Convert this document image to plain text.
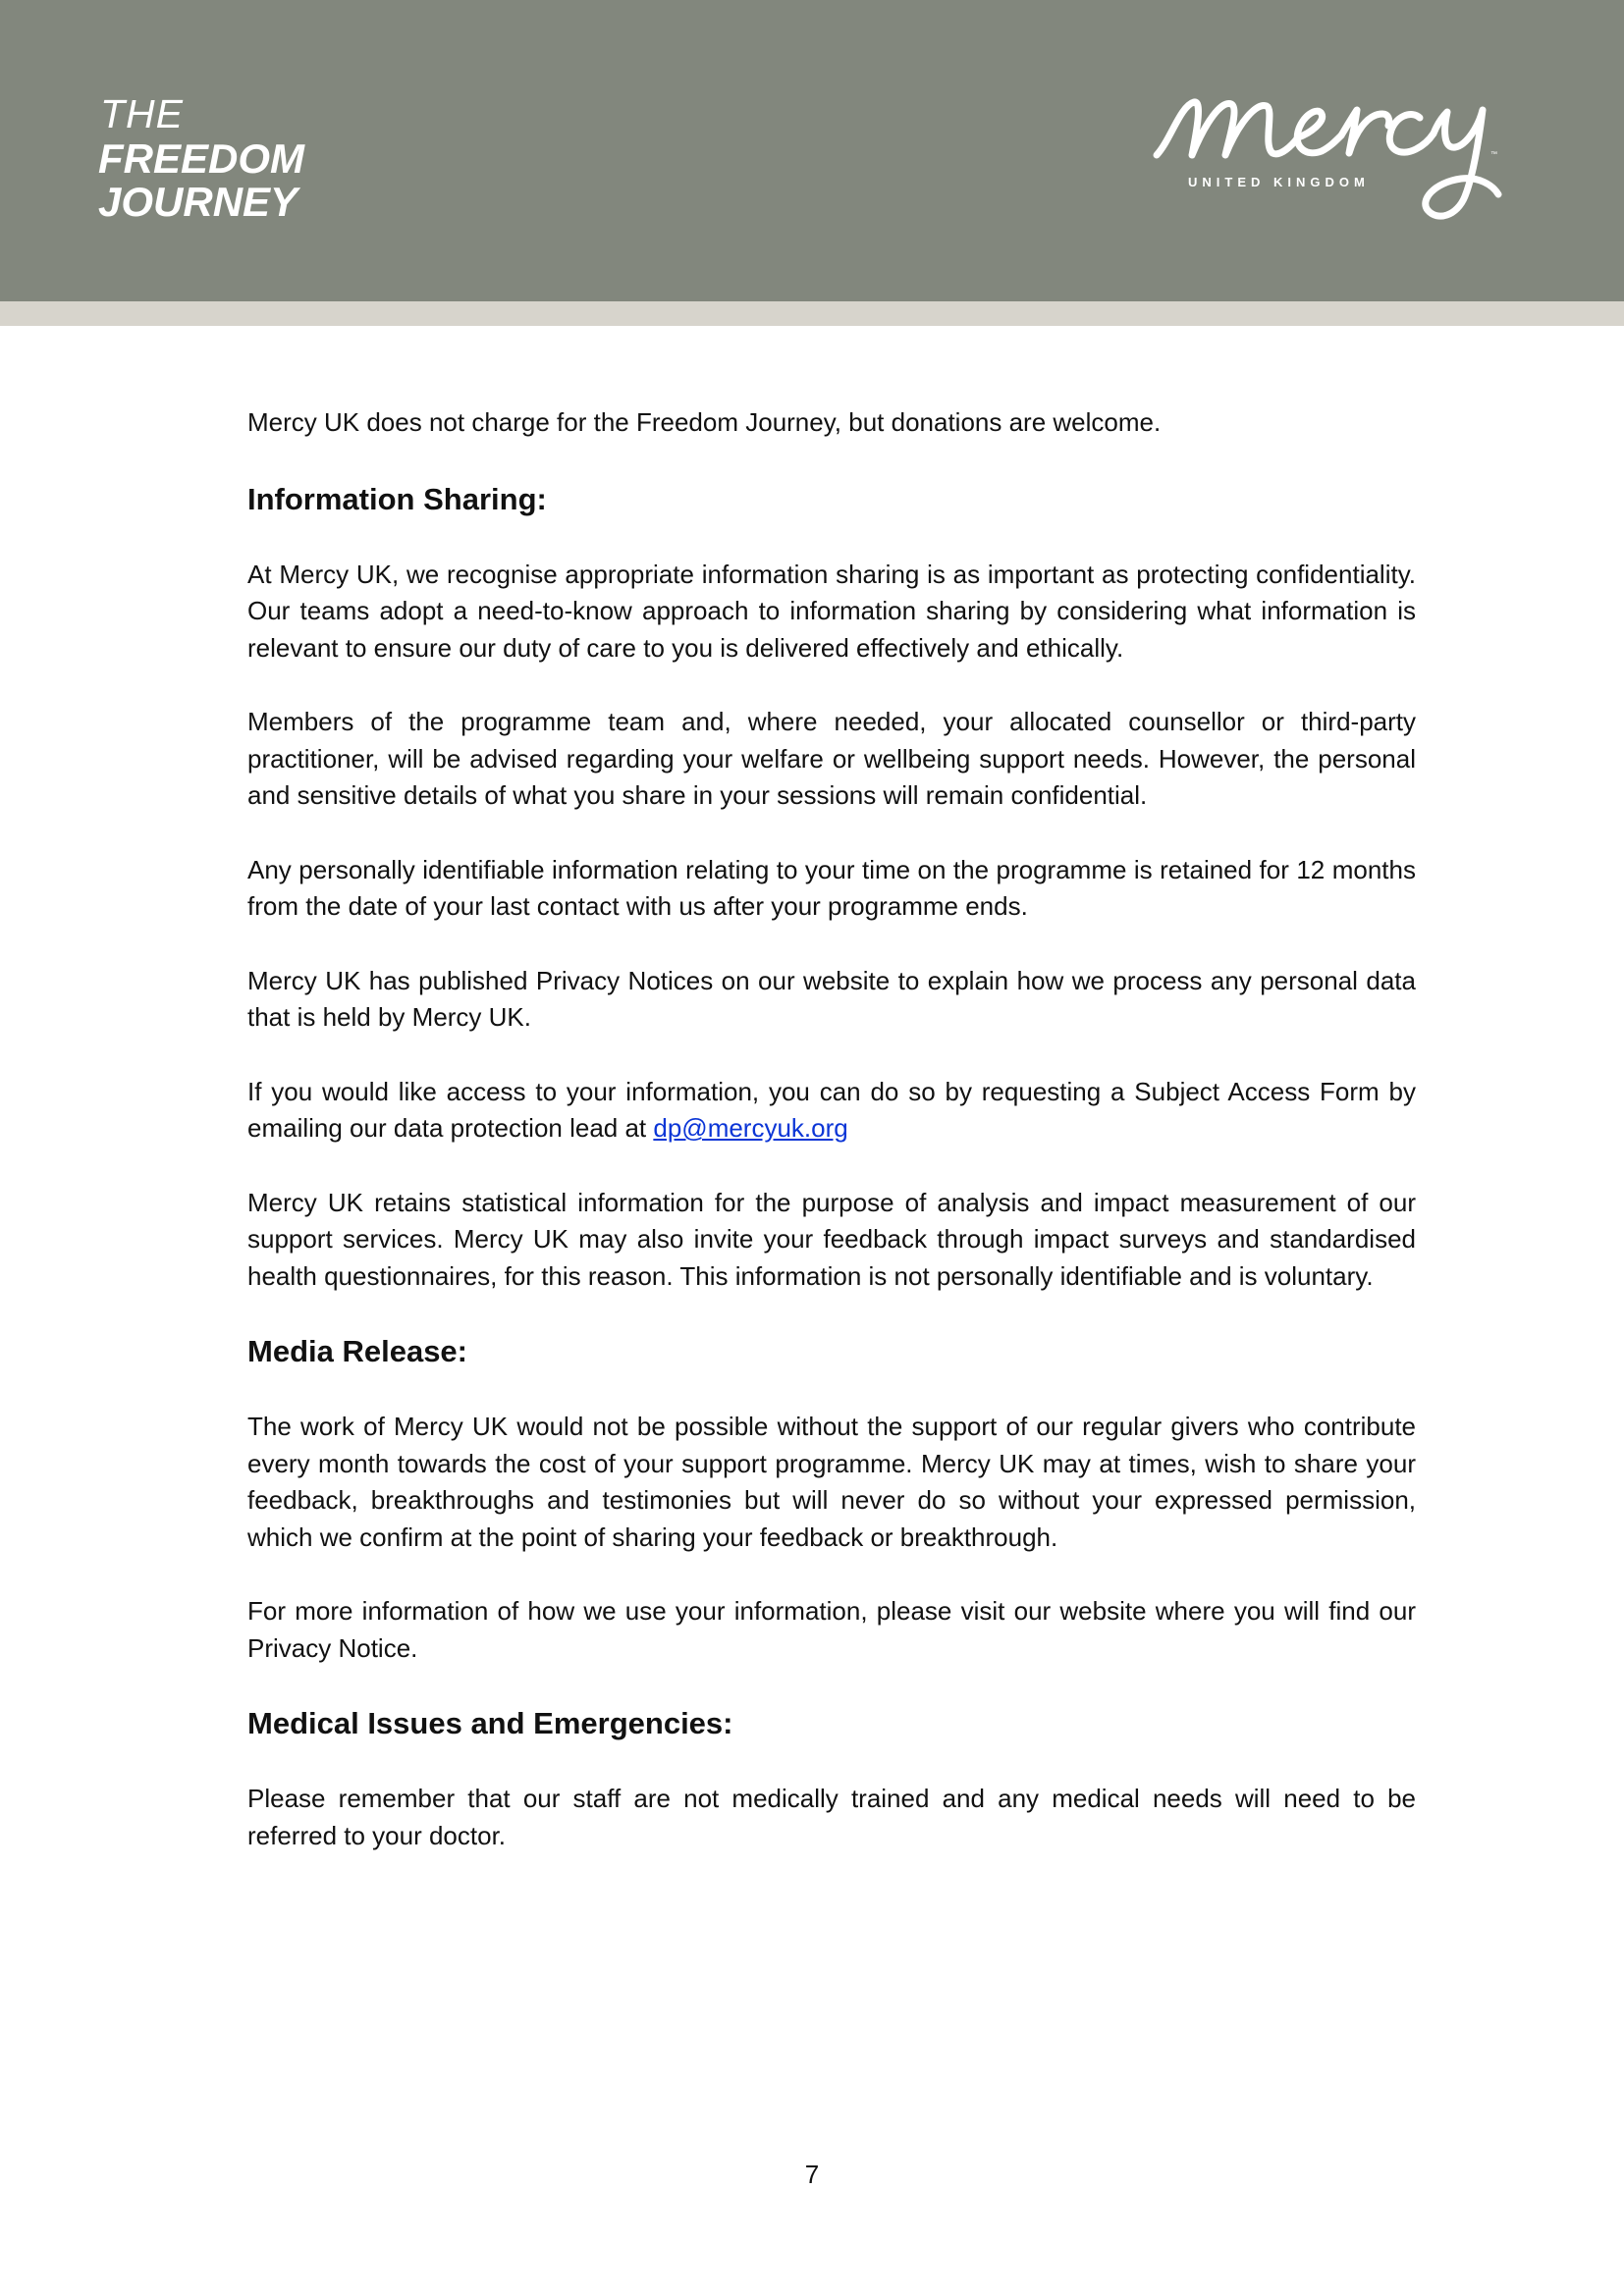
THE
FREEDOM
JOURNEY	UNITED KINGDOM
™

Mercy UK does not charge for the Freedom Journey, but donations are welcome.

Information Sharing:

At Mercy UK, we recognise appropriate information sharing is as important as protecting confidentiality. Our teams adopt a need-to-know approach to information sharing by considering what information is relevant to ensure our duty of care to you is delivered effectively and ethically.

Members of the programme team and, where needed, your allocated counsellor or third-party practitioner, will be advised regarding your welfare or wellbeing support needs. However, the personal and sensitive details of what you share in your sessions will remain confidential.

Any personally identifiable information relating to your time on the programme is retained for 12 months from the date of your last contact with us after your programme ends.

Mercy UK has published Privacy Notices on our website to explain how we process any personal data that is held by Mercy UK.

If you would like access to your information, you can do so by requesting a Subject Access Form by emailing our data protection lead at dp@mercyuk.org

Mercy UK retains statistical information for the purpose of analysis and impact measurement of our support services. Mercy UK may also invite your feedback through impact surveys and standardised health questionnaires, for this reason. This information is not personally identifiable and is voluntary.

Media Release:

The work of Mercy UK would not be possible without the support of our regular givers who contribute every month towards the cost of your support programme. Mercy UK may at times, wish to share your feedback, breakthroughs and testimonies but will never do so without your expressed permission, which we confirm at the point of sharing your feedback or breakthrough.

For more information of how we use your information, please visit our website where you will find our Privacy Notice.

Medical Issues and Emergencies:

Please remember that our staff are not medically trained and any medical needs will need to be referred to your doctor.

7
